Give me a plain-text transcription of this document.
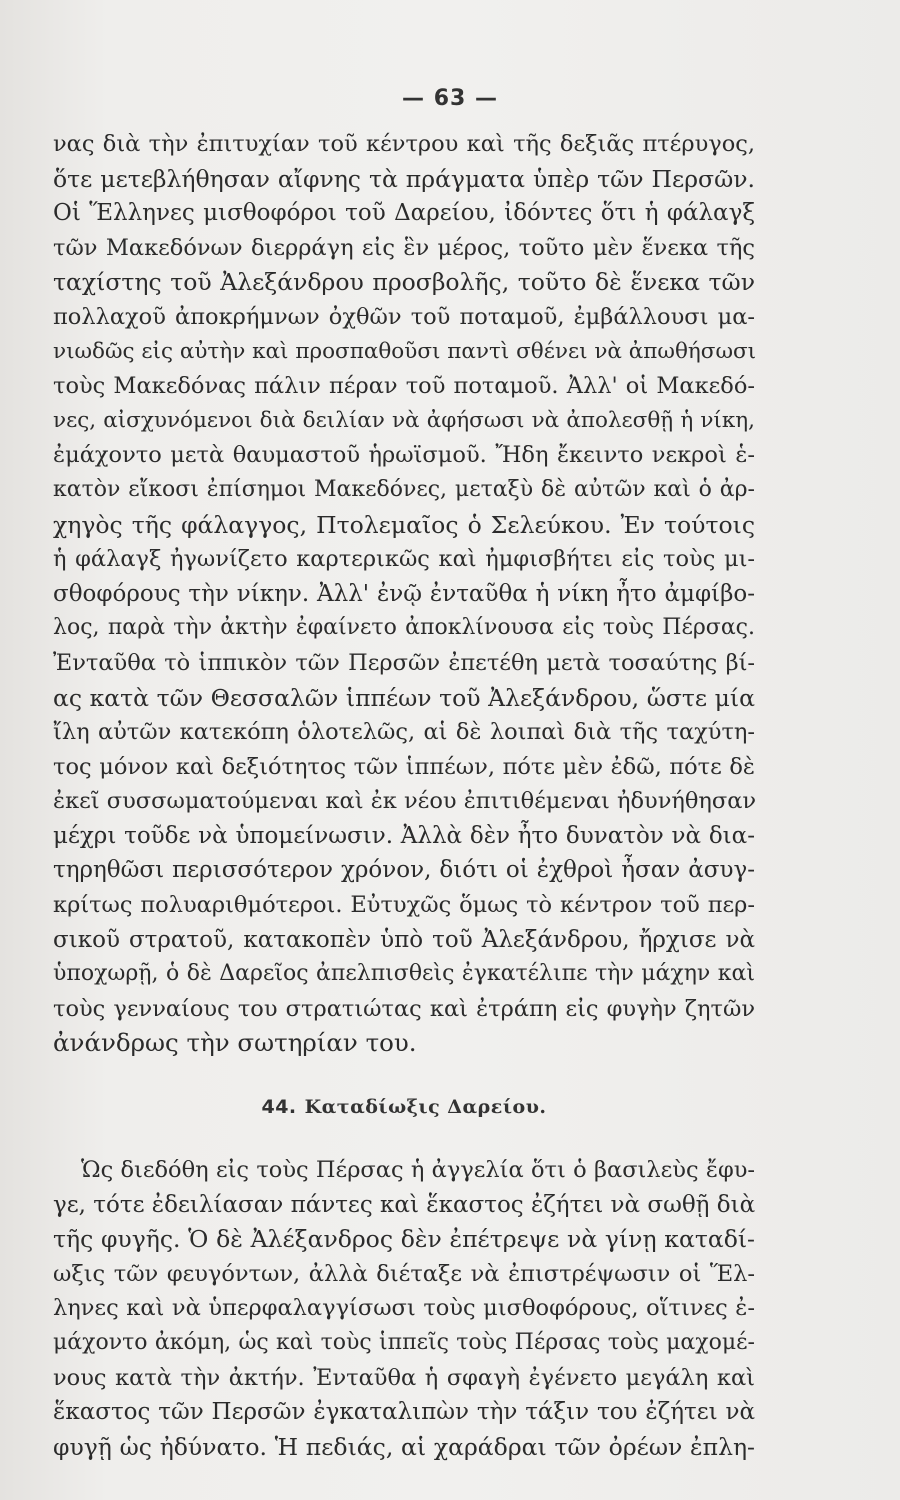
— 63 —
νας διὰ τὴν ἐπιτυχίαν τοῦ κέντρου καὶ τῆς δεξιᾶς πτέρυγος,
ὅτε μετεβλήθησαν αἴφνης τὰ πράγματα ὑπὲρ τῶν Περσῶν.
Οἱ Ἕλληνες μισθοφόροι τοῦ Δαρείου, ἰδόντες ὅτι ἡ φάλαγξ
τῶν Μακεδόνων διερράγη εἰς ἓν μέρος, τοῦτο μὲν ἕνεκα τῆς
ταχίστης τοῦ Ἀλεξάνδρου προσβολῆς, τοῦτο δὲ ἕνεκα τῶν
πολλαχοῦ ἀποκρήμνων ὀχθῶν τοῦ ποταμοῦ, ἐμβάλλουσι μα-
νιωδῶς εἰς αὐτὴν καὶ προσπαθοῦσι παντὶ σθένει νὰ ἀπωθήσωσι
τοὺς Μακεδόνας πάλιν πέραν τοῦ ποταμοῦ. Ἀλλ' οἱ Μακεδό-
νες, αἰσχυνόμενοι διὰ δειλίαν νὰ ἀφήσωσι νὰ ἀπολεσθῇ ἡ νίκη,
ἐμάχοντο μετὰ θαυμαστοῦ ἡρωϊσμοῦ. Ἤδη ἔκειντο νεκροὶ ἑ-
κατὸν εἴκοσι ἐπίσημοι Μακεδόνες, μεταξὺ δὲ αὐτῶν καὶ ὁ ἀρ-
χηγὸς τῆς φάλαγγος, Πτολεμαῖος ὁ Σελεύκου. Ἐν τούτοις
ἡ φάλαγξ ἠγωνίζετο καρτερικῶς καὶ ἠμφισβήτει εἰς τοὺς μι-
σθοφόρους τὴν νίκην. Ἀλλ' ἐνῷ ἐνταῦθα ἡ νίκη ἦτο ἀμφίβο-
λος, παρὰ τὴν ἀκτὴν ἐφαίνετο ἀποκλίνουσα εἰς τοὺς Πέρσας.
Ἐνταῦθα τὸ ἱππικὸν τῶν Περσῶν ἐπετέθη μετὰ τοσαύτης βί-
ας κατὰ τῶν Θεσσαλῶν ἱππέων τοῦ Ἀλεξάνδρου, ὥστε μία
ἴλη αὐτῶν κατεκόπη ὁλοτελῶς, αἱ δὲ λοιπαὶ διὰ τῆς ταχύτη-
τος μόνον καὶ δεξιότητος τῶν ἱππέων, πότε μὲν ἐδῶ, πότε δὲ
ἐκεῖ συσσωματούμεναι καὶ ἐκ νέου ἐπιτιθέμεναι ἠδυνήθησαν
μέχρι τοῦδε νὰ ὑπομείνωσιν. Ἀλλὰ δὲν ἦτο δυνατὸν νὰ δια-
τηρηθῶσι περισσότερον χρόνον, διότι οἱ ἐχθροὶ ἦσαν ἀσυγ-
κρίτως πολυαριθμότεροι. Εὐτυχῶς ὅμως τὸ κέντρον τοῦ περ-
σικοῦ στρατοῦ, κατακοπὲν ὑπὸ τοῦ Ἀλεξάνδρου, ἤρχισε νὰ
ὑποχωρῇ, ὁ δὲ Δαρεῖος ἀπελπισθεὶς ἐγκατέλιπε τὴν μάχην καὶ
τοὺς γενναίους του στρατιώτας καὶ ἐτράπη εἰς φυγὴν ζητῶν
ἀνάνδρως τὴν σωτηρίαν του.
44. Καταδίωξις Δαρείου.
Ὡς διεδόθη εἰς τοὺς Πέρσας ἡ ἀγγελία ὅτι ὁ βασιλεὺς ἔφυ-
γε, τότε ἐδειλίασαν πάντες καὶ ἕκαστος ἐζήτει νὰ σωθῇ διὰ
τῆς φυγῆς. Ὁ δὲ Ἀλέξανδρος δὲν ἐπέτρεψε νὰ γίνῃ καταδί-
ωξις τῶν φευγόντων, ἀλλὰ διέταξε νὰ ἐπιστρέψωσιν οἱ Ἕλ-
ληνες καὶ νὰ ὑπερφαλαγγίσωσι τοὺς μισθοφόρους, οἵτινες ἐ-
μάχοντο ἀκόμη, ὡς καὶ τοὺς ἱππεῖς τοὺς Πέρσας τοὺς μαχομέ-
νους κατὰ τὴν ἀκτήν. Ἐνταῦθα ἡ σφαγὴ ἐγένετο μεγάλη καὶ
ἕκαστος τῶν Περσῶν ἐγκαταλιπὼν τὴν τάξιν του ἐζήτει νὰ
φυγῇ ὡς ἠδύνατο. Ἡ πεδιάς, αἱ χαράδραι τῶν ὀρέων ἐπλη-
